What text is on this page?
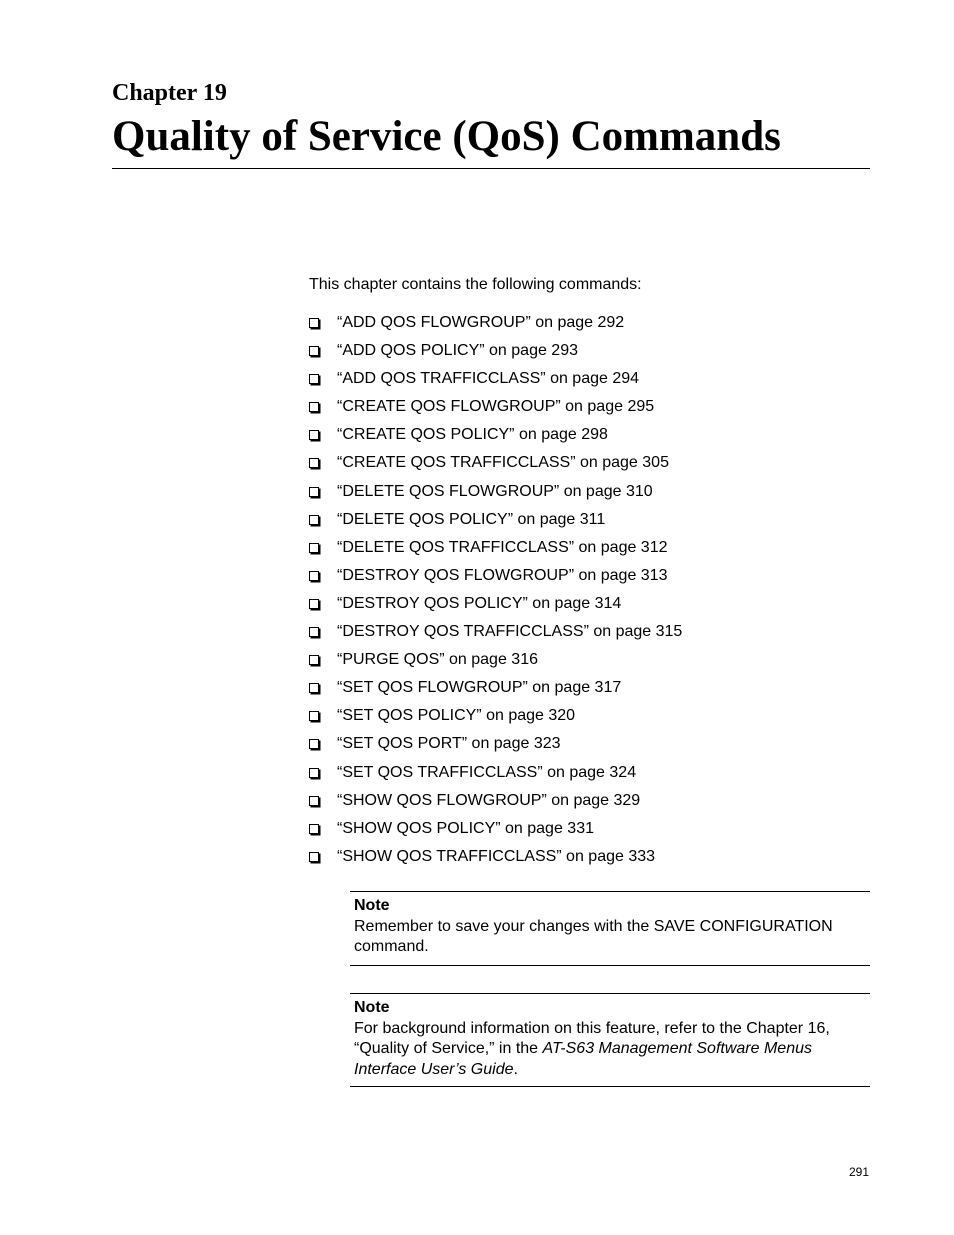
Chapter 19
Quality of Service (QoS) Commands

This chapter contains the following commands:

“ADD QOS FLOWGROUP” on page 292
“ADD QOS POLICY” on page 293
“ADD QOS TRAFFICCLASS” on page 294
“CREATE QOS FLOWGROUP” on page 295
“CREATE QOS POLICY” on page 298
“CREATE QOS TRAFFICCLASS” on page 305
“DELETE QOS FLOWGROUP” on page 310
“DELETE QOS POLICY” on page 311
“DELETE QOS TRAFFICCLASS” on page 312
“DESTROY QOS FLOWGROUP” on page 313
“DESTROY QOS POLICY” on page 314
“DESTROY QOS TRAFFICCLASS” on page 315
“PURGE QOS” on page 316
“SET QOS FLOWGROUP” on page 317
“SET QOS POLICY” on page 320
“SET QOS PORT” on page 323
“SET QOS TRAFFICCLASS” on page 324
“SHOW QOS FLOWGROUP” on page 329
“SHOW QOS POLICY” on page 331
“SHOW QOS TRAFFICCLASS” on page 333

Note

Remember to save your changes with the SAVE CONFIGURATION command.

Note

For background information on this feature, refer to the Chapter 16, “Quality of Service,” in the AT-S63 Management Software Menus Interface User’s Guide.

291
